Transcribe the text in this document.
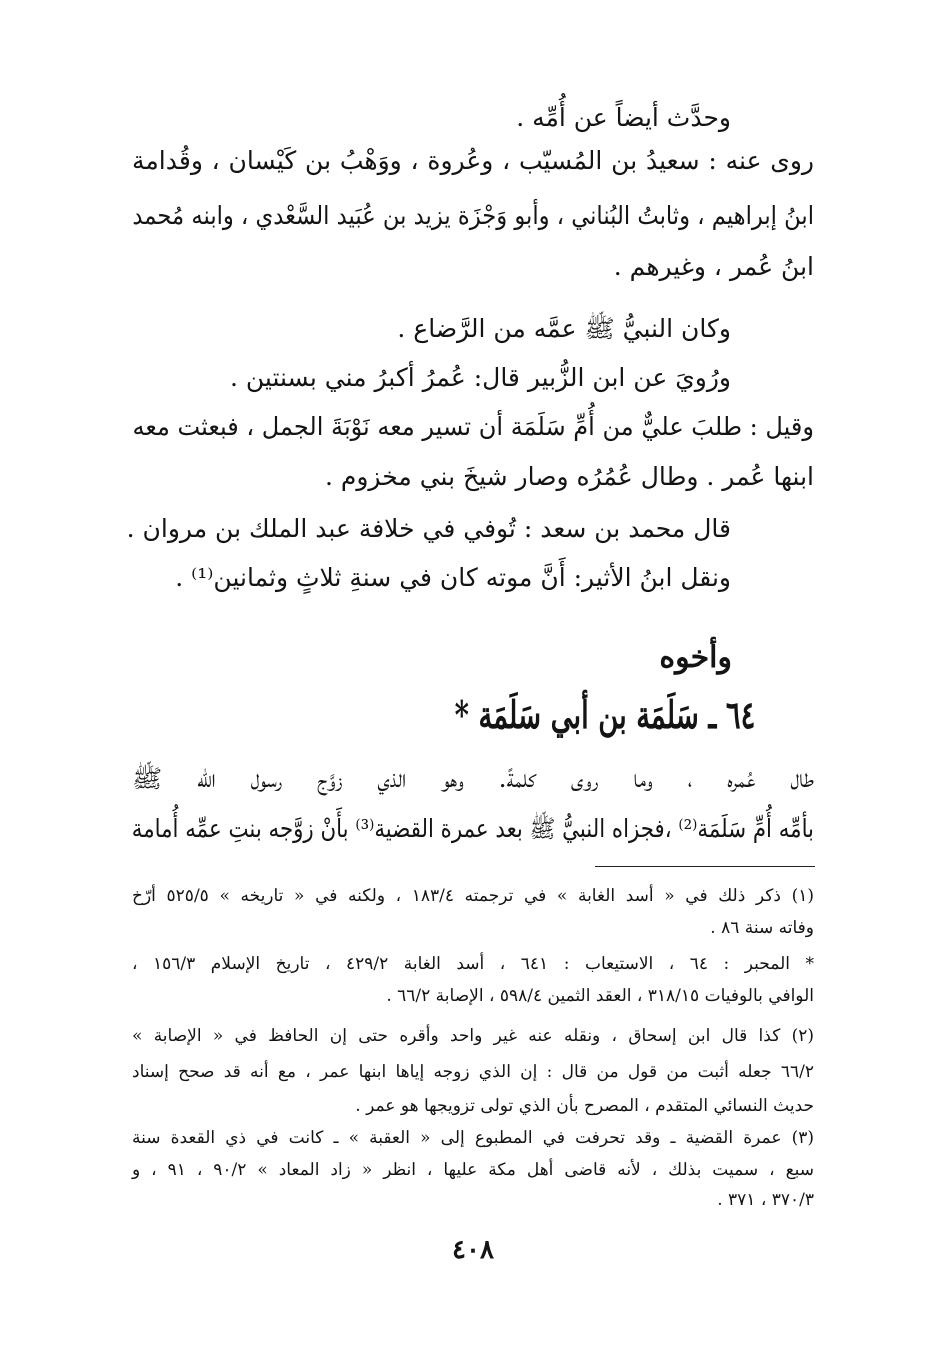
وحدَّث أيضاً عن أُمِّه .

روى عنه : سعيدُ بن المُسيّب ، وعُروة ، ووَهْبُ بن كَيْسان ، وقُدامة

ابنُ إبراهيم ، وثابتُ البُناني ، وأبو وَجْزَة يزيد بن عُبَيد السَّعْدي ، وابنه مُحمد

ابنُ عُمر ، وغيرهم .

وكان النبيُّ ﷺ عمَّه من الرَّضاع .

ورُويَ عن ابن الزُّبير قال: عُمرُ أكبرُ مني بسنتين .

وقيل : طلبَ عليٌّ من أُمِّ سَلَمَة أن تسير معه نَوْبَةَ الجمل ، فبعثت معه

ابنها عُمر . وطال عُمُرُه وصار شيخَ بني مخزوم .

قال محمد بن سعد : تُوفي في خلافة عبد الملك بن مروان .

ونقل ابنُ الأثير: أَنَّ موته كان في سنةِ ثلاثٍ وثمانين⁽¹⁾ .

وأخوه

٦٤ ـ سَلَمَة بن أبي سَلَمَة *

طال عُمره ، وما روى كلمةً. وهو الذي زوَّج رسول الله ﷺ

بأمِّه أُمِّ سَلَمَة⁽²⁾ ،فجزاه النبيُّ ﷺ بعد عمرة القضية⁽³⁾ بأَنْ زوَّجه بنتِ عمِّه أُمامة

(١) ذكر ذلك في « أسد الغابة » في ترجمته ١٨٣/٤ ، ولكنه في « تاريخه » ٥٢٥/٥ أرّخ

وفاته سنة ٨٦ .

* المحبر : ٦٤ ، الاستيعاب : ٦٤١ ، أسد الغابة ٤٢٩/٢ ، تاريخ الإسلام ١٥٦/٣ ،

الوافي بالوفيات ٣١٨/١٥ ، العقد الثمين ٥٩٨/٤ ، الإصابة ٦٦/٢ .

(٢) كذا قال ابن إسحاق ، ونقله عنه غير واحد وأقره حتى إن الحافظ في « الإصابة »

٦٦/٢ جعله أثبت من قول من قال : إن الذي زوجه إياها ابنها عمر ، مع أنه قد صحح إسناد

حديث النسائي المتقدم ، المصرح بأن الذي تولى تزويجها هو عمر .

(٣) عمرة القضية ـ وقد تحرفت في المطبوع إلى « العقبة » ـ كانت في ذي القعدة سنة

سبع ، سميت بذلك ، لأنه قاضى أهل مكة عليها ، انظر « زاد المعاد » ٩٠/٢ ، ٩١ ، و

٣٧٠/٣ ، ٣٧١ .

٤٠٨
